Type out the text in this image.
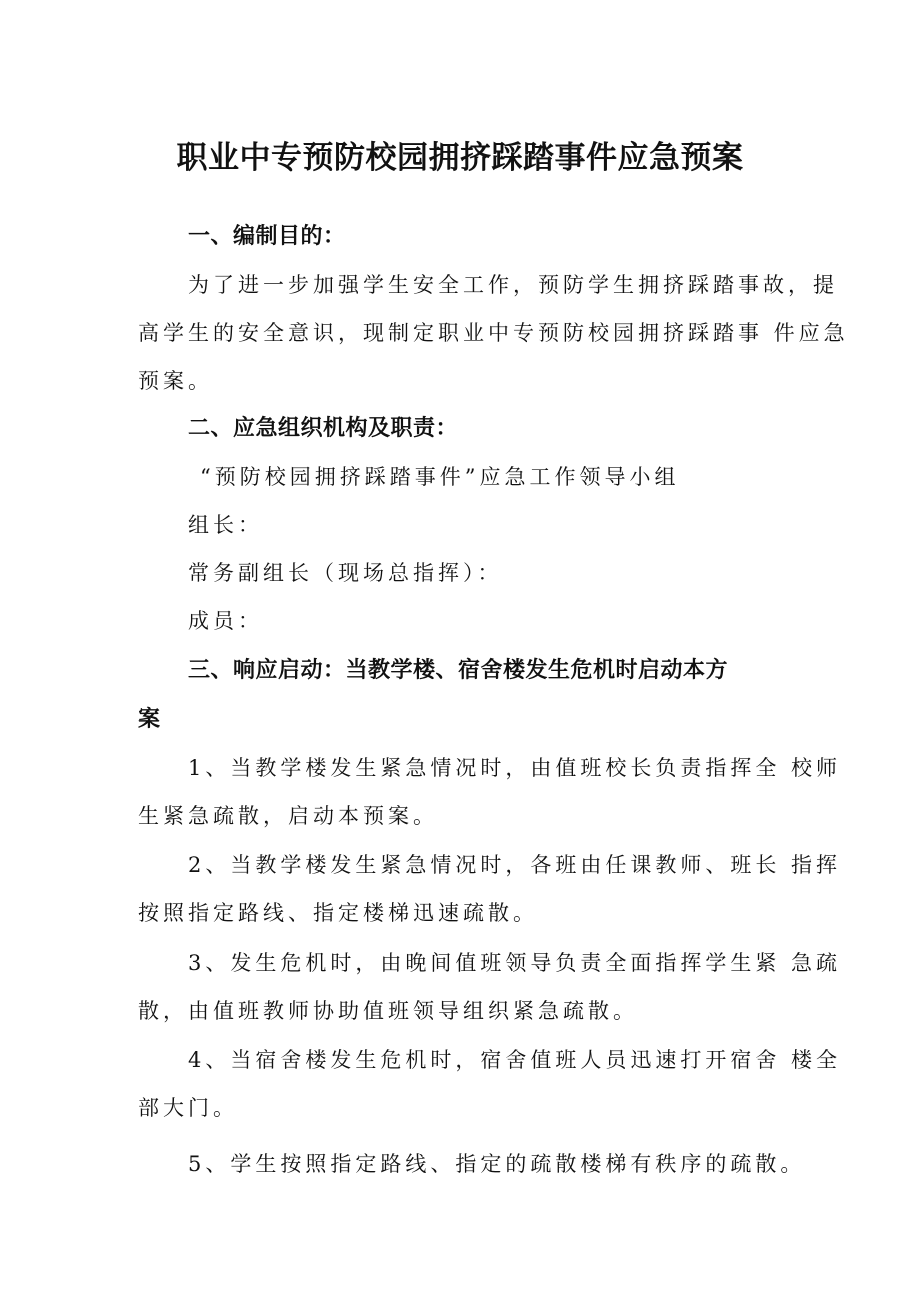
职业中专预防校园拥挤踩踏事件应急预案
一、编制目的：
为了进一步加强学生安全工作，预防学生拥挤踩踏事故，提
高学生的安全意识，现制定职业中专预防校园拥挤踩踏事 件应急
预案。
二、应急组织机构及职责：
“预防校园拥挤踩踏事件”应急工作领导小组
组长：
常务副组长（现场总指挥）：
成员：
三、响应启动：当教学楼、宿舍楼发生危机时启动本方
案
1、当教学楼发生紧急情况时，由值班校长负责指挥全 校师
生紧急疏散，启动本预案。
2、当教学楼发生紧急情况时，各班由任课教师、班长 指挥
按照指定路线、指定楼梯迅速疏散。
3、发生危机时，由晚间值班领导负责全面指挥学生紧 急疏
散，由值班教师协助值班领导组织紧急疏散。
4、当宿舍楼发生危机时，宿舍值班人员迅速打开宿舍 楼全
部大门。
5、学生按照指定路线、指定的疏散楼梯有秩序的疏散。
